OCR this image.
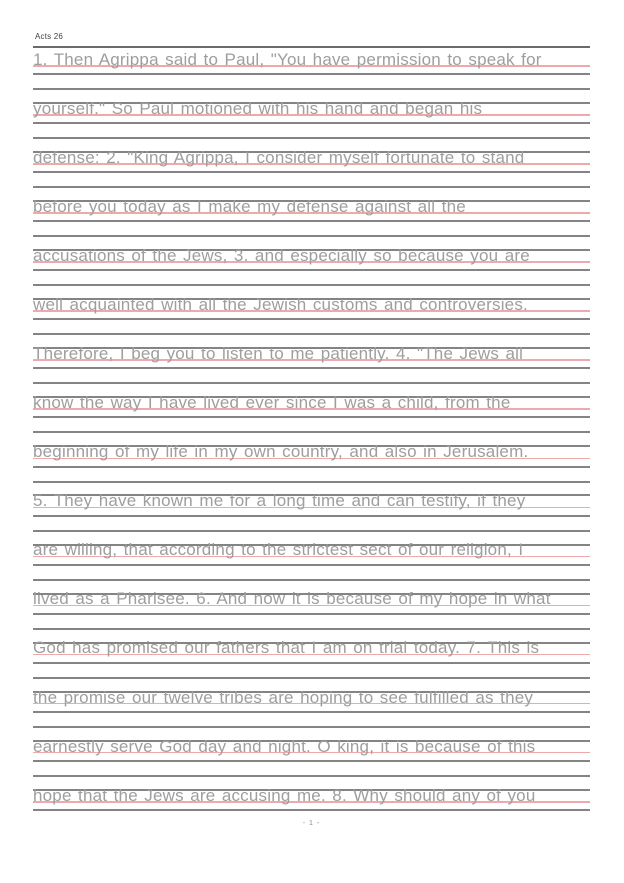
Acts 26
1. Then Agrippa said to Paul, "You have permission to speak for
yourself." So Paul motioned with his hand and began his
defense: 2. "King Agrippa, I consider myself fortunate to stand
before you today as I make my defense against all the
accusations of the Jews, 3. and especially so because you are
well acquainted with all the Jewish customs and controversies.
Therefore, I beg you to listen to me patiently. 4. "The Jews all
know the way I have lived ever since I was a child, from the
beginning of my life in my own country, and also in Jerusalem.
5. They have known me for a long time and can testify, if they
are willing, that according to the strictest sect of our religion, I
lived as a Pharisee. 6. And now it is because of my hope in what
God has promised our fathers that I am on trial today. 7. This is
the promise our twelve tribes are hoping to see fulfilled as they
earnestly serve God day and night. O king, it is because of this
hope that the Jews are accusing me. 8. Why should any of you
- 1 -
